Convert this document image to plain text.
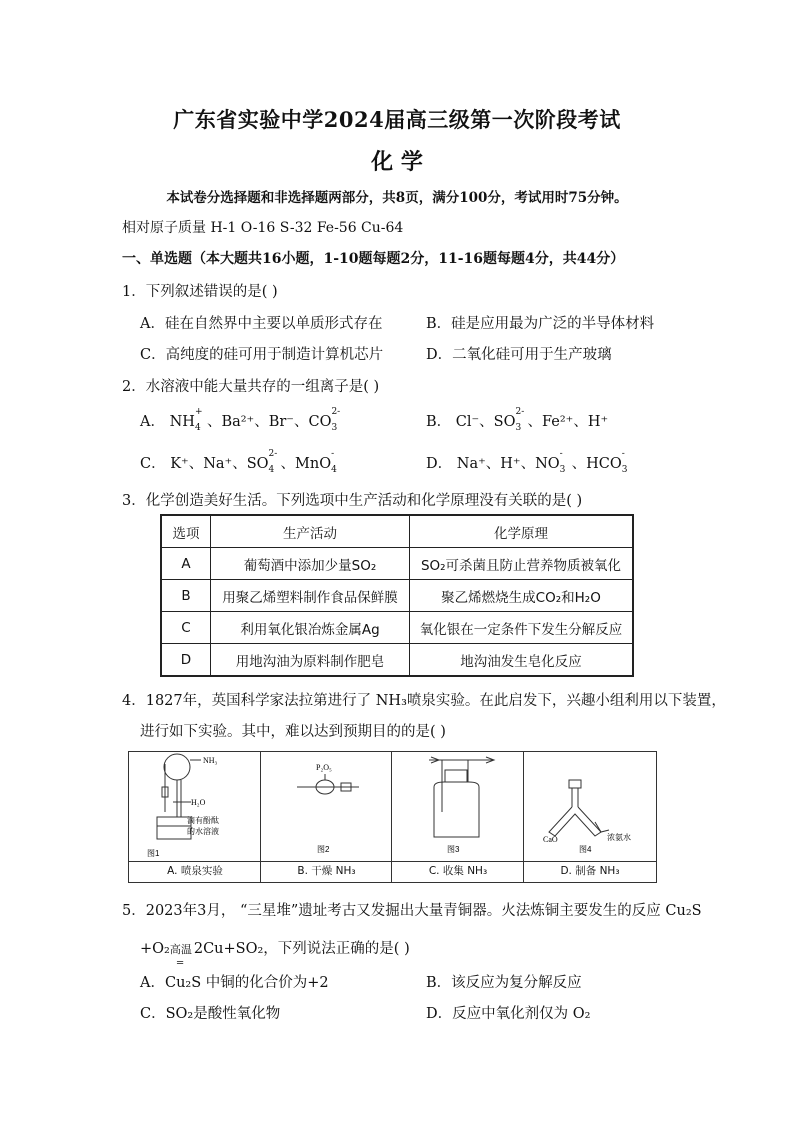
广东省实验中学2024届高三级第一次阶段考试
化 学
本试卷分选择题和非选择题两部分，共8页，满分100分，考试用时75分钟。
相对原子质量 H-1 O-16 S-32 Fe-56 Cu-64
一、单选题（本大题共16小题，1-10题每题2分，11-16题每题4分，共44分）
1．下列叙述错误的是( )
A．硅在自然界中主要以单质形式存在	B．硅是应用最为广泛的半导体材料
C．高纯度的硅可用于制造计算机芯片	D．二氧化硅可用于生产玻璃
2．水溶液中能大量共存的一组离子是( )
A． NH
+
4 、Ba²⁺、Br⁻、CO
2-
3	B． Cl⁻、SO
2-
3 、Fe²⁺、H⁺
C． K⁺、Na⁺、SO
2-
4 、MnO
-
4	D． Na⁺、H⁺、NO
-
3 、HCO
-
3
3．化学创造美好生活。下列选项中生产活动和化学原理没有关联的是( )
选项	生产活动	化学原理
A	葡萄酒中添加少量SO₂	SO₂可杀菌且防止营养物质被氧化
B	用聚乙烯塑料制作食品保鲜膜	聚乙烯燃烧生成CO₂和H₂O
C	利用氧化银冶炼金属Ag	氧化银在一定条件下发生分解反应
D	用地沟油为原料制作肥皂	地沟油发生皂化反应
4．1827年，英国科学家法拉第进行了 NH₃喷泉实验。在此启发下，兴趣小组利用以下装置，
进行如下实验。其中，难以达到预期目的的是( )
NH₃
H₂O
滴有酚酞
的水溶液
图1
P₂O₅
图2	图3
CaO	浓氨水
图4
A. 喷泉实验	B. 干燥 NH₃	C. 收集 NH₃	D. 制备 NH₃
5．2023年3月， “三星堆”遗址考古又发掘出大量青铜器。火法炼铜主要发生的反应 Cu₂S
+O₂ 高温
=
2Cu+SO₂，下列说法正确的是( )
A．Cu₂S 中铜的化合价为+2	B．该反应为复分解反应
C．SO₂是酸性氧化物	D．反应中氧化剂仅为 O₂
